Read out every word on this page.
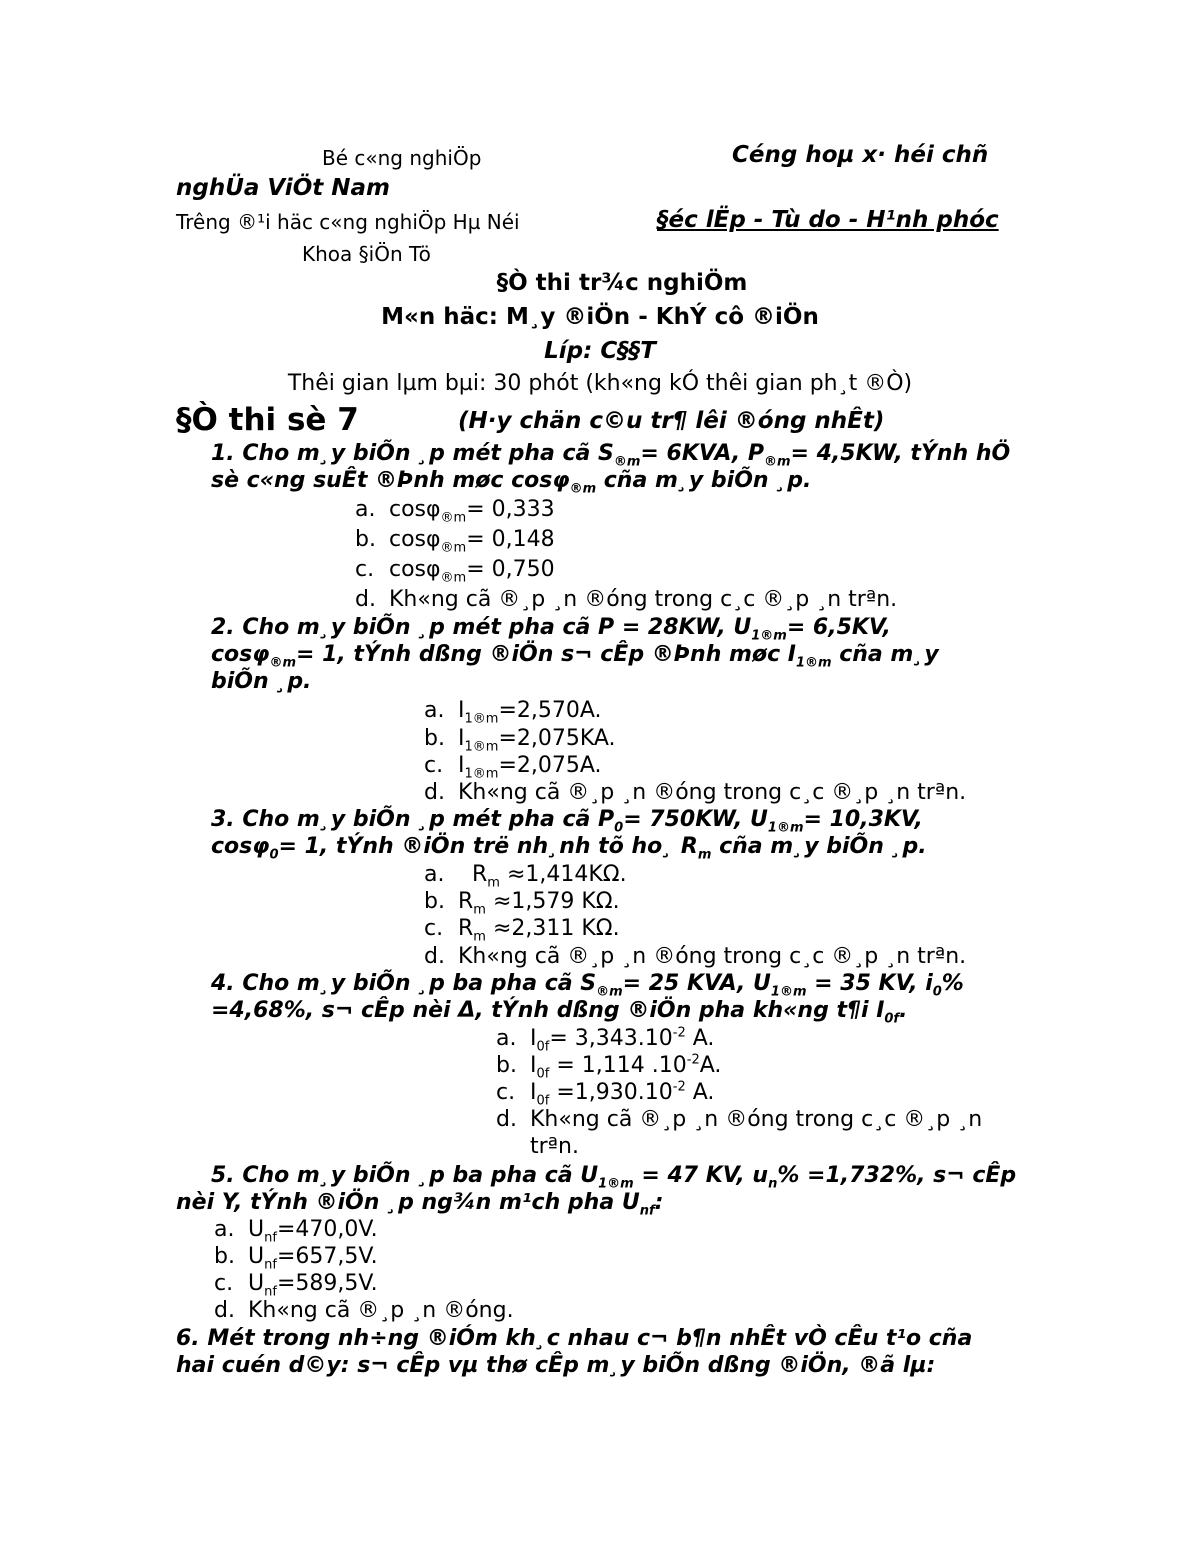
Bé c«ng nghiÖp	Céng hoµ x· héi chñ
nghÜa ViÖt Nam
Trêng ®¹i häc c«ng nghiÖp Hµ Néi	§éc lËp - Tù do - H¹nh phóc
Khoa §iÖn Tö
§Ò thi tr¾c nghiÖm
M«n häc: M¸y ®iÖn - KhÝ cô ®iÖn
Líp: C§§T
Thêi gian lµm bµi: 30 phót (kh«ng kÓ thêi gian ph¸t ®Ò)
§Ò thi sè 7	(H·y chän c©u tr¶ lêi ®óng nhÊt)
1. Cho m¸y biÕn ¸p mét pha cã $S_{®m}= 6KVA$, $P_{®m}= 4,5KW$, tÝnh hÖ sè c«ng suÊt ®Þnh møc cosφ$_{®m}$ cña m¸y biÕn ¸p.
a. cosφ$_{®m}$= 0,333
b. cosφ$_{®m}$= 0,148
c. cosφ$_{®m}$= 0,750
d. Kh«ng cã ®¸p ¸n ®óng trong c¸c ®¸p ¸n trªn.
2. Cho m¸y biÕn ¸p mét pha cã P = 28KW, $U_{1®m}= 6,5KV$, cosφ$_{®m}$= 1, tÝnh dßng ®iÖn s¬ cÊp ®Þnh møc $I_{1®m}$ cña m¸y biÕn ¸p.
a. $I_{1®m}=2,570A$.
b. $I_{1®m}=2,075KA$.
c. $I_{1®m}=2,075A$.
d. Kh«ng cã ®¸p ¸n ®óng trong c¸c ®¸p ¸n trªn.
3. Cho m¸y biÕn ¸p mét pha cã $P_0= 750KW$, $U_{1®m}= 10,3KV$, cosφ$_0$= 1, tÝnh ®iÖn trë nh¸nh tõ ho¸ $R_m$ cña m¸y biÕn ¸p.
a.  $R_m \approx 1,414K\Omega$.
b. $R_m \approx 1,579$ KΩ.
c. $R_m \approx 2,311$ KΩ.
d. Kh«ng cã ®¸p ¸n ®óng trong c¸c ®¸p ¸n trªn.
4. Cho m¸y biÕn ¸p ba pha cã $S_{®m}= 25$ KVA, $U_{1®m} = 35$ KV, $i_0\% =4,68\%$, s¬ cÊp nèi Δ, tÝnh dßng ®iÖn pha kh«ng t¶i $I_{0f}$.
a. $I_{0f}= 3,343.10^{-2}$ A.
b. $I_{0f} = 1,114$ $.10^{-2}A$.
c. $I_{0f} =1,930.10^{-2}$ A.
d. Kh«ng cã ®¸p ¸n ®óng trong c¸c ®¸p ¸n trªn.
5. Cho m¸y biÕn ¸p ba pha cã $U_{1®m} = 47$ KV, $u_n\% =1,732\%$, s¬ cÊp nèi Y, tÝnh ®iÖn ¸p ng¾n m¹ch pha $U_{nf}$:
a. $U_{nf}=470,0V$.
b. $U_{nf}=657,5V$.
c. $U_{nf}=589,5V$.
d. Kh«ng cã ®¸p ¸n ®óng.
6. Mét trong nh÷ng ®iÓm kh¸c nhau c¬ b¶n nhÊt vÒ cÊu t¹o cña hai cuén d©y: s¬ cÊp vµ thø cÊp m¸y biÕn dßng ®iÖn, ®ã lµ:
